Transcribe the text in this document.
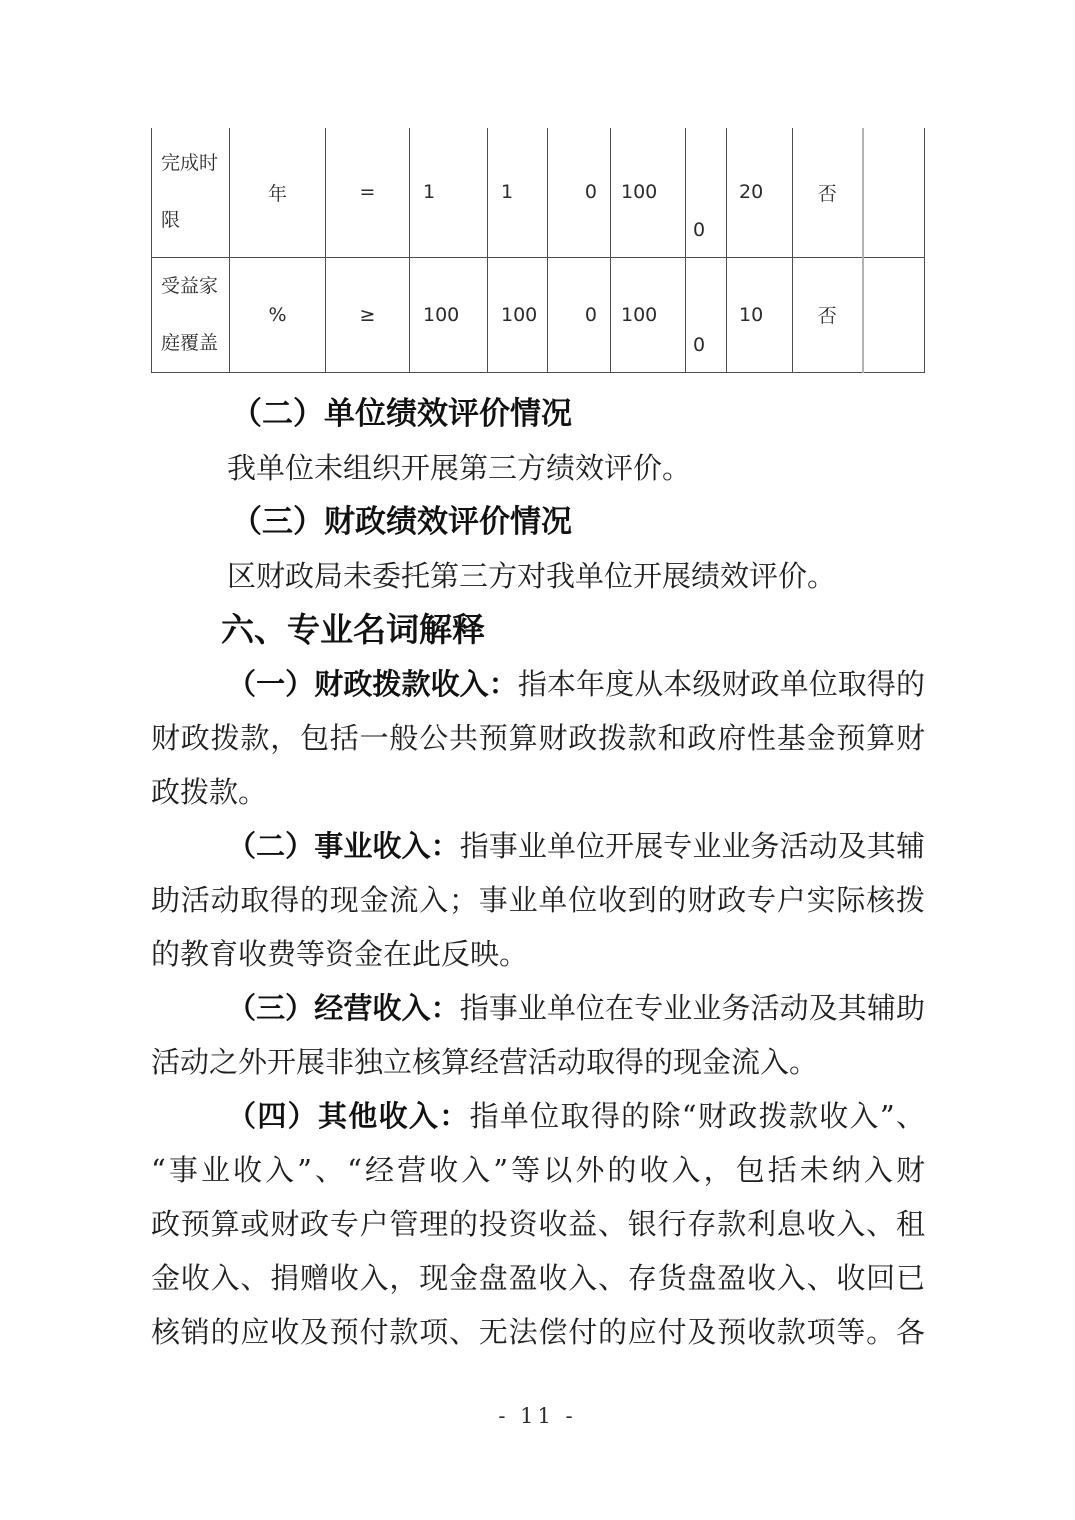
完成时限	年	=	1	1	0	100	0	20	否	
受益家庭覆盖	%	≥	100	100	0	100	0	10	否	
（二）单位绩效评价情况
我单位未组织开展第三方绩效评价。
（三）财政绩效评价情况
区财政局未委托第三方对我单位开展绩效评价。
六、专业名词解释
（一）财政拨款收入：指本年度从本级财政单位取得的
财政拨款，包括一般公共预算财政拨款和政府性基金预算财
政拨款。
（二）事业收入：指事业单位开展专业业务活动及其辅
助活动取得的现金流入；事业单位收到的财政专户实际核拨
的教育收费等资金在此反映。
（三）经营收入：指事业单位在专业业务活动及其辅助
活动之外开展非独立核算经营活动取得的现金流入。
（四）其他收入：指单位取得的除“财政拨款收入”、
“事业收入”、“经营收入”等以外的收入，包括未纳入财
政预算或财政专户管理的投资收益、银行存款利息收入、租
金收入、捐赠收入，现金盘盈收入、存货盘盈收入、收回已
核销的应收及预付款项、无法偿付的应付及预收款项等。各
- 11 -
